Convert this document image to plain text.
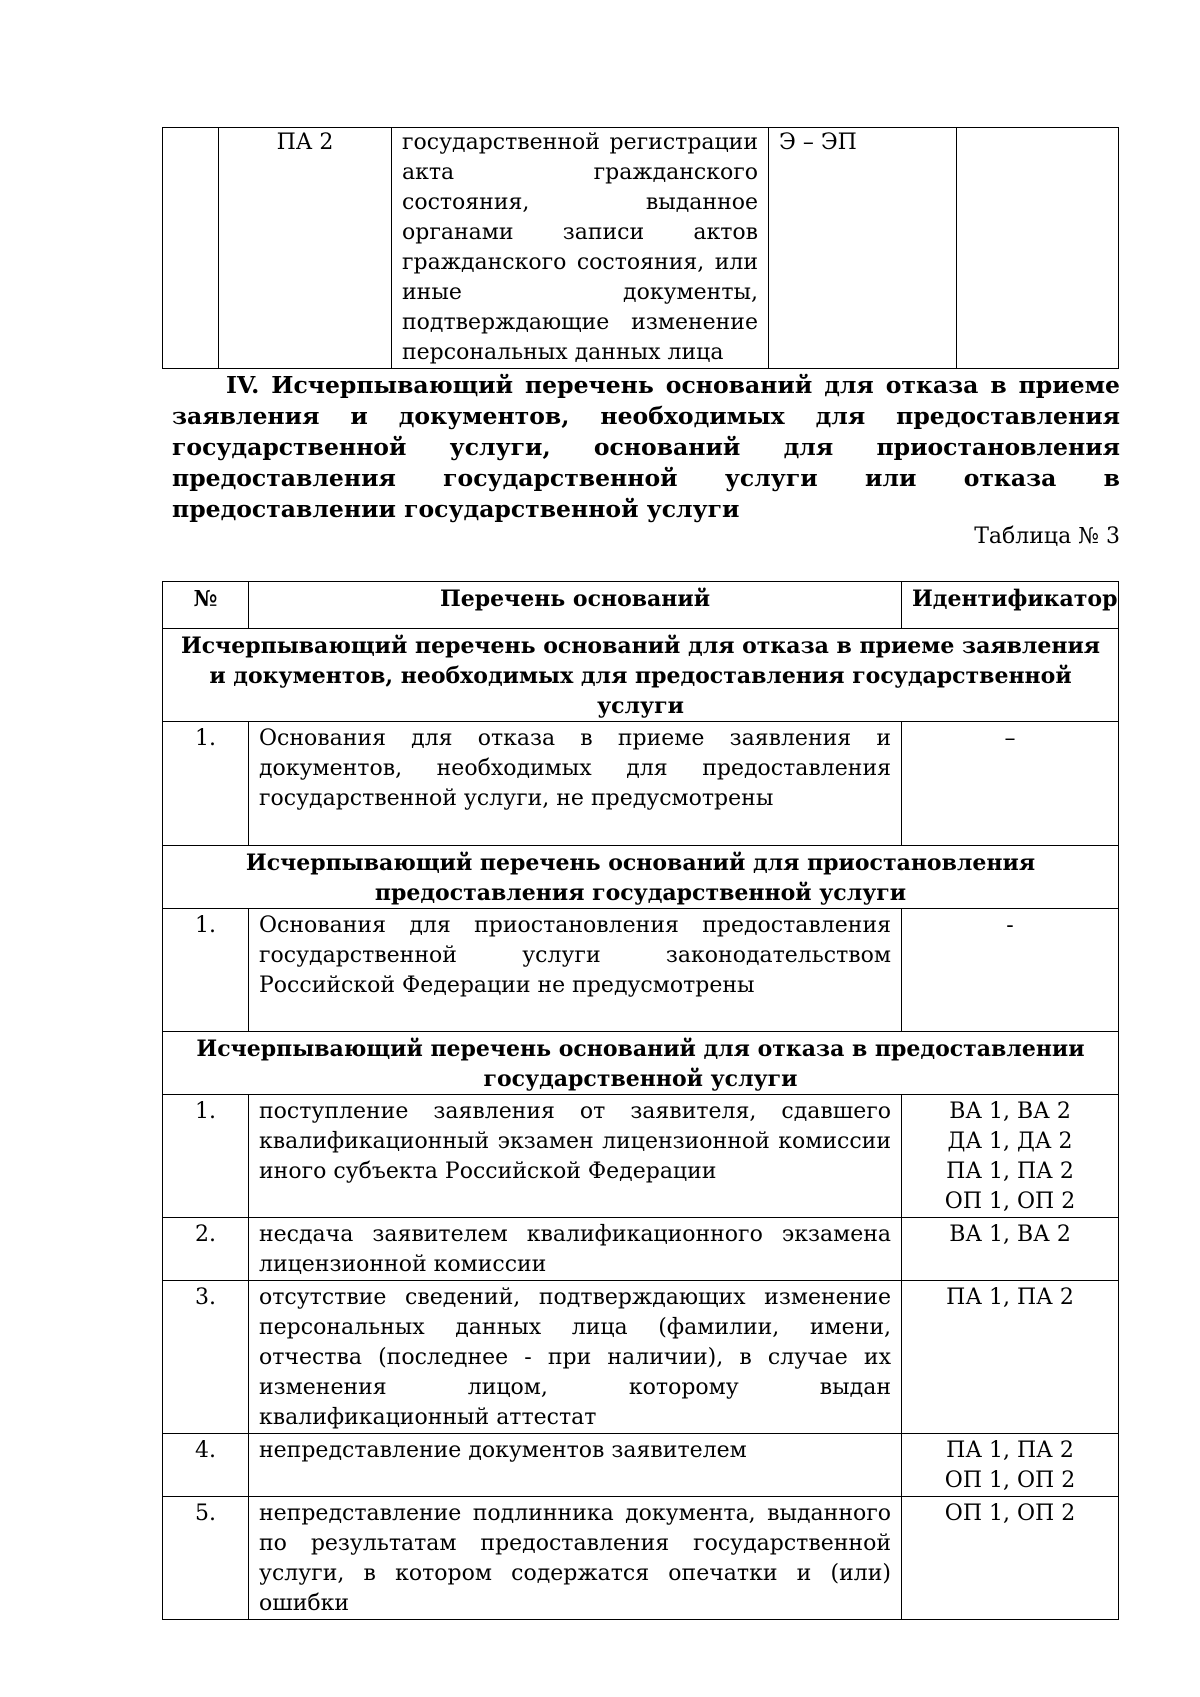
	ПА 2	государственной регистрации акта гражданского состояния, выданное органами записи актов гражданского состояния, или иные документы, подтверждающие изменение персональных данных лица	Э – ЭП	
IV. Исчерпывающий перечень оснований для отказа в приеме заявления и документов, необходимых для предоставления государственной услуги, оснований для приостановления предоставления государственной услуги или отказа в предоставлении государственной услуги
Таблица № 3
№	Перечень оснований	Идентификатор
Исчерпывающий перечень оснований для отказа в приеме заявления и документов, необходимых для предоставления государственной услуги		
1.	Основания для отказа в приеме заявления и документов, необходимых для предоставления государственной услуги, не предусмотрены	–
Исчерпывающий перечень оснований для приостановления предоставления государственной услуги		
1.	Основания для приостановления предоставления государственной услуги законодательством Российской Федерации не предусмотрены	-
Исчерпывающий перечень оснований для отказа в предоставлении государственной услуги		
1.	поступление заявления от заявителя, сдавшего квалификационный экзамен лицензионной комиссии иного субъекта Российской Федерации	ВА 1, ВА 2
ДА 1, ДА 2
ПА 1, ПА 2
ОП 1, ОП 2

2.	несдача заявителем квалификационного экзамена лицензионной комиссии	ВА 1, ВА 2

3.	отсутствие сведений, подтверждающих изменение персональных данных лица (фамилии, имени, отчества (последнее - при наличии), в случае их изменения лицом, которому выдан квалификационный аттестат	ПА 1, ПА 2

4.	непредставление документов заявителем	ПА 1, ПА 2
ОП 1, ОП 2

5.	непредставление подлинника документа, выданного по результатам предоставления государственной услуги, в котором содержатся опечатки и (или) ошибки	ОП 1, ОП 2
